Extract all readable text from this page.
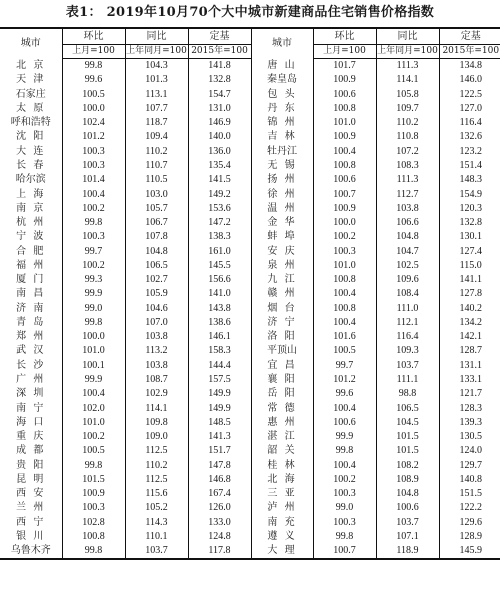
表1： 2019年10月70个大中城市新建商品住宅销售价格指数
城市	环比	同比	定基	城市	环比	同比	定基
	上月=100	上年同月=100	2015年=100		上月=100	上年同月=100	2015年=100
北 京	99.8	104.3	141.8	唐 山	101.7	111.3	134.8
天 津	99.6	101.3	132.8	秦皇岛	100.9	114.1	146.0
石家庄	100.5	113.1	154.7	包 头	100.6	105.8	122.5
太 原	100.0	107.7	131.0	丹 东	100.8	109.7	127.0
呼和浩特	102.4	118.7	146.9	锦 州	101.0	110.2	116.4
沈 阳	101.2	109.4	140.0	吉 林	100.9	110.8	132.6
大 连	100.3	110.2	136.0	牡丹江	100.4	107.2	123.2
长 春	100.3	110.7	135.4	无 锡	100.8	108.3	151.4
哈尔滨	101.4	110.5	141.5	扬 州	100.6	111.3	148.3
上 海	100.4	103.0	149.2	徐 州	100.7	112.7	154.9
南 京	100.2	105.7	153.6	温 州	100.9	103.8	120.3
杭 州	99.8	106.7	147.2	金 华	100.0	106.6	132.8
宁 波	100.3	107.8	138.3	蚌 埠	100.2	104.8	130.1
合 肥	99.7	104.8	161.0	安 庆	100.3	104.7	127.4
福 州	100.2	106.5	145.5	泉 州	101.0	102.5	115.0
厦 门	99.3	102.7	156.6	九 江	100.8	109.6	141.1
南 昌	99.9	105.9	141.0	赣 州	100.4	108.4	127.8
济 南	99.0	104.6	143.8	烟 台	100.8	111.0	140.2
青 岛	99.8	107.0	138.6	济 宁	100.4	112.1	134.2
郑 州	100.0	103.8	146.1	洛 阳	101.6	116.4	142.1
武 汉	101.0	113.2	158.3	平顶山	100.5	109.3	128.7
长 沙	100.1	103.8	144.4	宜 昌	99.7	103.7	131.1
广 州	99.9	108.7	157.5	襄 阳	101.2	111.1	133.1
深 圳	100.4	102.9	149.9	岳 阳	99.6	98.8	121.7
南 宁	102.0	114.1	149.9	常 德	100.4	106.5	128.3
海 口	101.0	109.8	148.5	惠 州	100.6	104.5	139.3
重 庆	100.2	109.0	141.3	湛 江	99.9	101.5	130.5
成 都	100.5	112.5	151.7	韶 关	99.8	101.5	124.0
贵 阳	99.8	110.2	147.8	桂 林	100.4	108.2	129.7
昆 明	101.5	112.5	146.8	北 海	100.2	108.9	140.8
西 安	100.9	115.6	167.4	三 亚	100.3	104.8	151.5
兰 州	100.3	105.2	126.0	泸 州	99.0	100.6	122.2
西 宁	102.8	114.3	133.0	南 充	100.3	103.7	129.6
银 川	100.8	110.1	124.8	遵 义	99.8	107.1	128.9
乌鲁木齐	99.8	103.7	117.8	大 理	100.7	118.9	145.9
